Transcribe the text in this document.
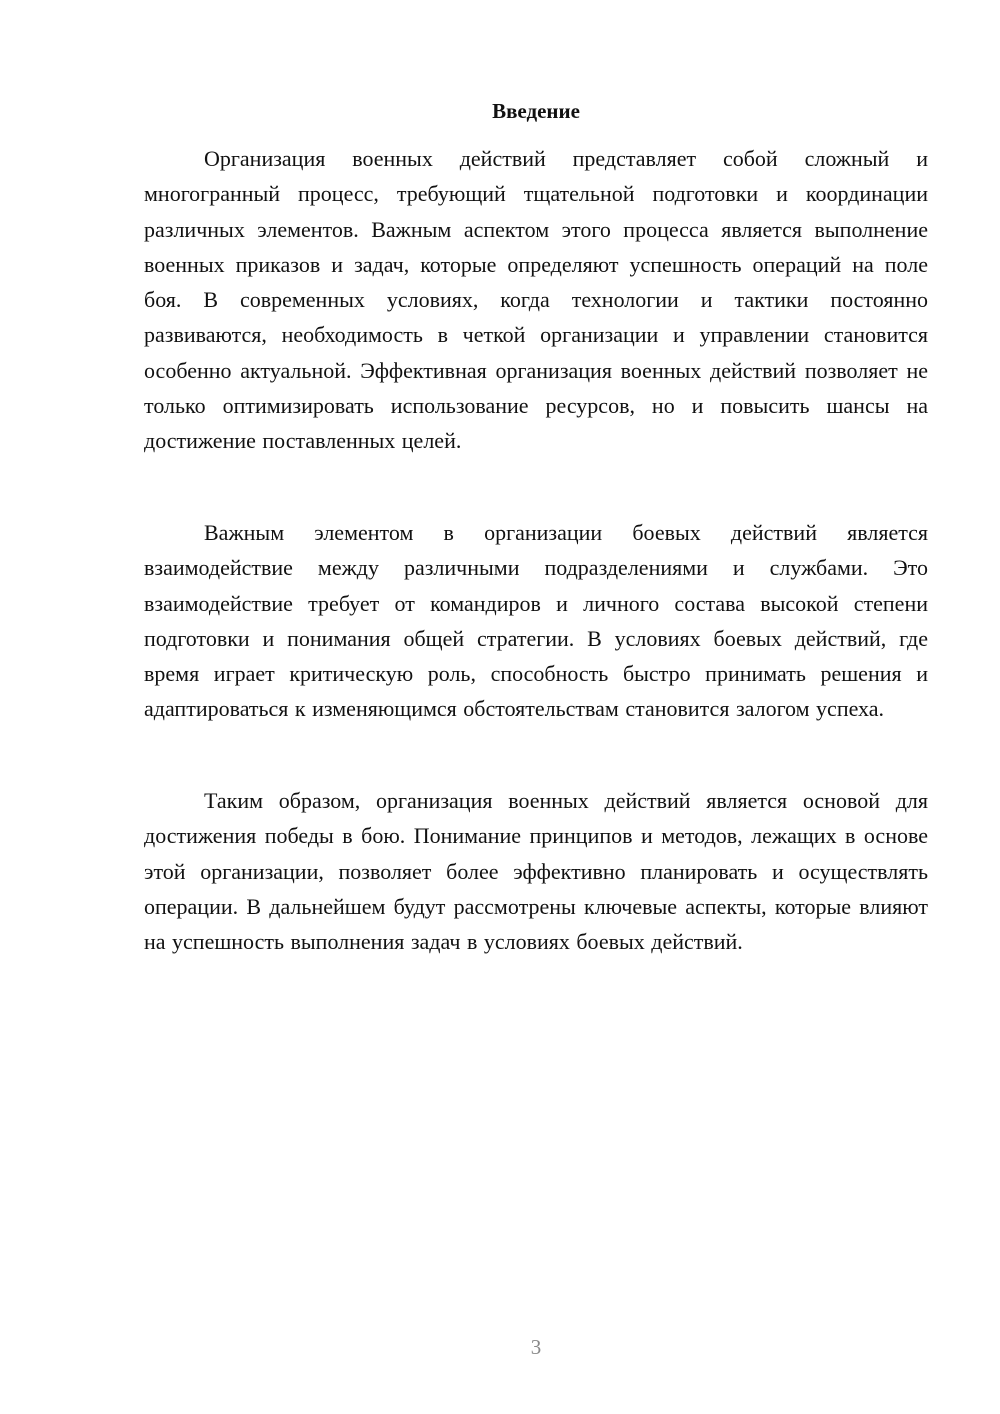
Введение

Организация военных действий представляет собой сложный и многогранный процесс, требующий тщательной подготовки и координации различных элементов. Важным аспектом этого процесса является выполнение военных приказов и задач, которые определяют успешность операций на поле боя. В современных условиях, когда технологии и тактики постоянно развиваются, необходимость в четкой организации и управлении становится особенно актуальной. Эффективная организация военных действий позволяет не только оптимизировать использование ресурсов, но и повысить шансы на достижение поставленных целей.

Важным элементом в организации боевых действий является взаимодействие между различными подразделениями и службами. Это взаимодействие требует от командиров и личного состава высокой степени подготовки и понимания общей стратегии. В условиях боевых действий, где время играет критическую роль, способность быстро принимать решения и адаптироваться к изменяющимся обстоятельствам становится залогом успеха.

Таким образом, организация военных действий является основой для достижения победы в бою. Понимание принципов и методов, лежащих в основе этой организации, позволяет более эффективно планировать и осуществлять операции. В дальнейшем будут рассмотрены ключевые аспекты, которые влияют на успешность выполнения задач в условиях боевых действий.

3
